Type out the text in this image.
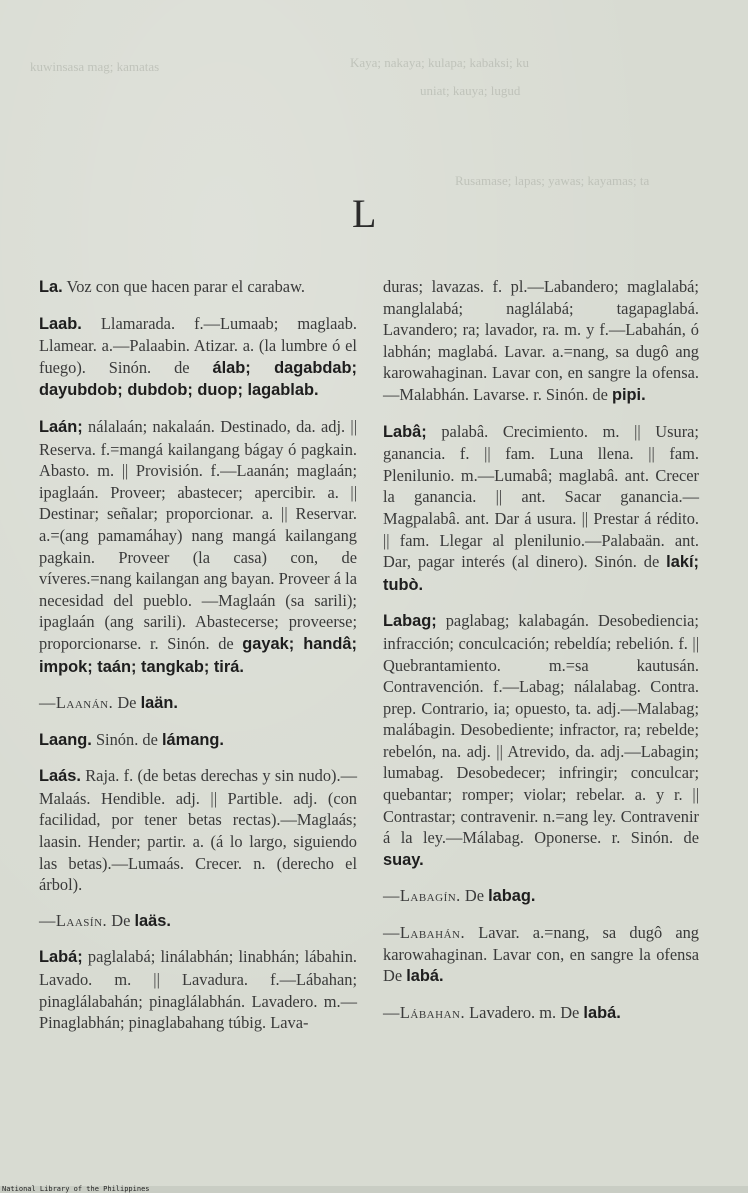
Kaya; nakaya; kulapa; kabaksi; ku
uniat; kauya; lugud
Rusamase; lapas; yawas; kayamas; ta
kuwinsasa mag; kamatas
L

La. Voz con que hacen parar el carabaw.

Laab. Llamarada. f.—Lumaab; maglaab. Llamear. a.—Palaabin. Atizar. a. (la lumbre ó el fuego). Sinón. de álab; dagabdab; dayubdob; dubdob; duop; lagablab.

Laán; nálalaán; nakalaán. Destinado, da. adj. || Reserva. f.=mangá kailangang bágay ó pagkain. Abasto. m. || Provisión. f.—Laanán; maglaán; ipaglaán. Proveer; abastecer; apercibir. a. || Destinar; señalar; proporcionar. a. || Reservar. a.=(ang pamamáhay) nang mangá kailangang pagkain. Proveer (la casa) con, de víveres.=nang kailangan ang bayan. Proveer á la necesidad del pueblo. —Maglaán (sa sarili); ipaglaán (ang sarili). Abastecerse; proveerse; proporcionarse. r. Sinón. de gayak; handâ; impok; taán; tangkab; tirá.

—Laanán. De laän.

Laang. Sinón. de lámang.

Laás. Raja. f. (de betas derechas y sin nudo).—Malaás. Hendible. adj. || Partible. adj. (con facilidad, por tener betas rectas).—Maglaás; laasin. Hender; partir. a. (á lo largo, siguiendo las betas).—Lumaás. Crecer. n. (derecho el árbol).

—Laasín. De laäs.

Labá; paglalabá; linálabhán; linabhán; lábahin. Lavado. m. || Lavadura. f.—Lábahan; pinaglálabahán; pinaglálabhán. Lavadero. m.—Pinaglabhán; pinaglabahang túbig. Lava-

duras; lavazas. f. pl.—Labandero; maglalabá; manglalabá; naglálabá; tagapaglabá. Lavandero; ra; lavador, ra. m. y f.—Labahán, ó labhán; maglabá. Lavar. a.=nang, sa dugô ang karowahaginan. Lavar con, en sangre la ofensa.—Malabhán. Lavarse. r. Sinón. de pipi.

Labâ; palabâ. Crecimiento. m. || Usura; ganancia. f. || fam. Luna llena. || fam. Plenilunio. m.—Lumabâ; maglabâ. ant. Crecer la ganancia. || ant. Sacar ganancia.—Magpalabâ. ant. Dar á usura. || Prestar á rédito. || fam. Llegar al plenilunio.—Palabaän. ant. Dar, pagar interés (al dinero). Sinón. de lakí; tubò.

Labag; paglabag; kalabagán. Desobediencia; infracción; conculcación; rebeldía; rebelión. f. || Quebrantamiento. m.=sa kautusán. Contravención. f.—Labag; nálalabag. Contra. prep. Contrario, ia; opuesto, ta. adj.—Malabag; malábagin. Desobediente; infractor, ra; rebelde; rebelón, na. adj. || Atrevido, da. adj.—Labagin; lumabag. Desobedecer; infringir; conculcar; quebantar; romper; violar; rebelar. a. y r. || Contrastar; contravenir. n.=ang ley. Contravenir á la ley.—Málabag. Oponerse. r. Sinón. de suay.

—Labagín. De labag.

—Labahán. Lavar. a.=nang, sa dugô ang karowahaginan. Lavar con, en sangre la ofensa De labá.

—Lábahan. Lavadero. m. De labá.

National Library of the Philippines
